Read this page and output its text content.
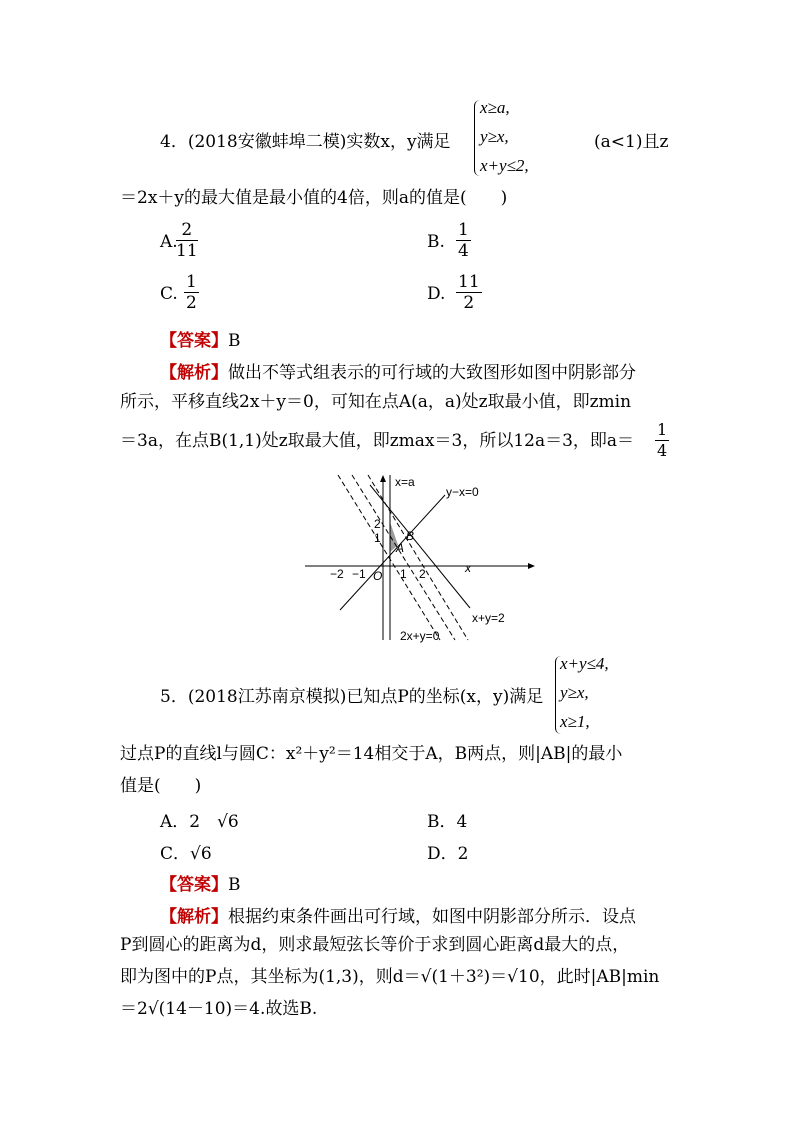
4．(2018安徽蚌埠二模)实数x，y满足
x≥a,
y≥x,
x+y≤2,
(a<1)且z
＝2x＋y的最大值是最小值的4倍，则a的值是(　　)
A.
$\frac{2}{11}$	B. $\frac{1}{4}$
C. $\frac{1}{2}$	D. $\frac{11}{2}$
【答案】B
【解析】做出不等式组表示的可行域的大致图形如图中阴影部分
所示，平移直线2x＋y＝0，可知在点A(a，a)处z取最小值，即zmin
＝3a，在点B(1,1)处z取最大值，即zmax＝3，所以12a＝3，即$a= \frac{1}{4}$
x=a
y−x=0
x+y=2
2x+y=0
x
B
A
O
−2 −1	1 2
2
1
5．(2018江苏南京模拟)已知点P的坐标(x，y)满足
x+y≤4,
y≥x,
x≥1,
过点P的直线l与圆C：x²＋y²＝14相交于A，B两点，则|AB|的最小
值是(　　)
A．2　√6	B．4
C．√6	D．2
【答案】B
【解析】根据约束条件画出可行域，如图中阴影部分所示．设点
P到圆心的距离为d，则求最短弦长等价于求到圆心距离d最大的点，
即为图中的P点，其坐标为(1,3)，则d＝√(1＋3²)＝√10，此时|AB|min
＝2√(14－10)＝4.故选B.
